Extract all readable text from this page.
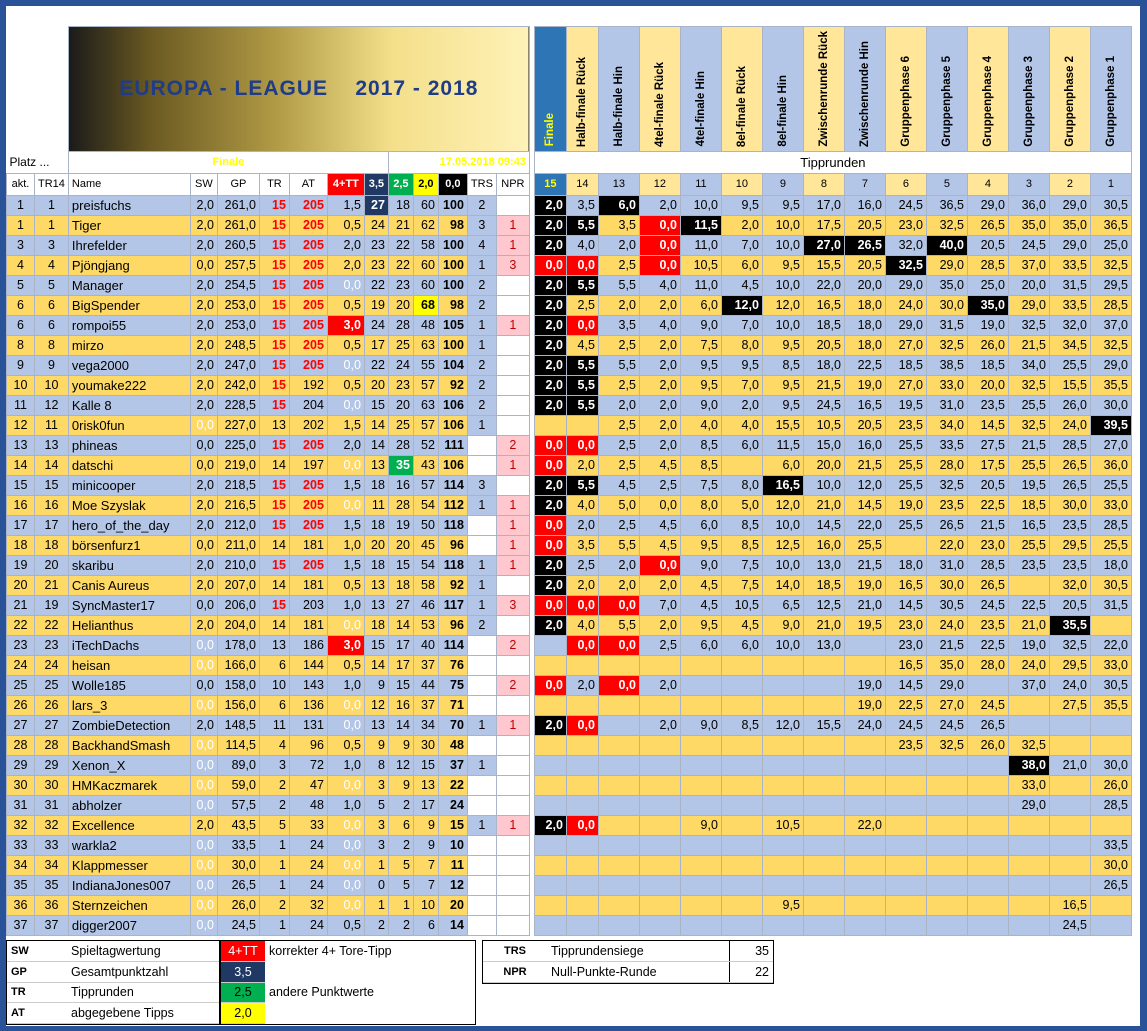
		EUROPA - LEAGUE    2017 - 2018													Finale	Halb-finale Rück	Halb-finale Hin	4tel-finale Rück	4tel-finale Hin	8el-finale Rück	8el-finale Hin	Zwischenrunde Rück	Zwischenrunde Hin	Gruppenphase 6	Gruppenphase 5	Gruppenphase 4	Gruppenphase 3	Gruppenphase 2	Gruppenphase 1

Platz ...		Finale							17.05.2018 09:43						Tipprunden														
akt.	TR14	Name	SW	GP	TR	AT	4+TT	3,5	2,5	2,0	0,0	TRS	NPR		15	14	13	12	11	10	9	8	7	6	5	4	3	2	1
1	1	preisfuchs	2,0	261,0	15	205	1,5	27	18	60	100	2			2,0	3,5	6,0	2,0	10,0	9,5	9,5	17,0	16,0	24,5	36,5	29,0	36,0	29,0	30,5
1	1	Tiger	2,0	261,0	15	205	0,5	24	21	62	98	3	1		2,0	5,5	3,5	0,0	11,5	2,0	10,0	17,5	20,5	23,0	32,5	26,5	35,0	35,0	36,5
3	3	Ihrefelder	2,0	260,5	15	205	2,0	23	22	58	100	4	1		2,0	4,0	2,0	0,0	11,0	7,0	10,0	27,0	26,5	32,0	40,0	20,5	24,5	29,0	25,0
4	4	Pjöngjang	0,0	257,5	15	205	2,0	23	22	60	100	1	3		0,0	0,0	2,5	0,0	10,5	6,0	9,5	15,5	20,5	32,5	29,0	28,5	37,0	33,5	32,5
5	5	Manager	2,0	254,5	15	205	0,0	22	23	60	100	2			2,0	5,5	5,5	4,0	11,0	4,5	10,0	22,0	20,0	29,0	35,0	25,0	20,0	31,5	29,5
6	6	BigSpender	2,0	253,0	15	205	0,5	19	20	68	98	2			2,0	2,5	2,0	2,0	6,0	12,0	12,0	16,5	18,0	24,0	30,0	35,0	29,0	33,5	28,5
6	6	rompoi55	2,0	253,0	15	205	3,0	24	28	48	105	1	1		2,0	0,0	3,5	4,0	9,0	7,0	10,0	18,5	18,0	29,0	31,5	19,0	32,5	32,0	37,0
8	8	mirzo	2,0	248,5	15	205	0,5	17	25	63	100	1			2,0	4,5	2,5	2,0	7,5	8,0	9,5	20,5	18,0	27,0	32,5	26,0	21,5	34,5	32,5
9	9	vega2000	2,0	247,0	15	205	0,0	22	24	55	104	2			2,0	5,5	5,5	2,0	9,5	9,5	8,5	18,0	22,5	18,5	38,5	18,5	34,0	25,5	29,0
10	10	youmake222	2,0	242,0	15	192	0,5	20	23	57	92	2			2,0	5,5	2,5	2,0	9,5	7,0	9,5	21,5	19,0	27,0	33,0	20,0	32,5	15,5	35,5
11	12	Kalle 8	2,0	228,5	15	204	0,0	15	20	63	106	2			2,0	5,5	2,0	2,0	9,0	2,0	9,5	24,5	16,5	19,5	31,0	23,5	25,5	26,0	30,0
12	11	0risk0fun	0,0	227,0	13	202	1,5	14	25	57	106	1					2,5	2,0	4,0	4,0	15,5	10,5	20,5	23,5	34,0	14,5	32,5	24,0	39,5
13	13	phineas	0,0	225,0	15	205	2,0	14	28	52	111		2		0,0	0,0	2,5	2,0	8,5	6,0	11,5	15,0	16,0	25,5	33,5	27,5	21,5	28,5	27,0
14	14	datschi	0,0	219,0	14	197	0,0	13	35	43	106		1		0,0	2,0	2,5	4,5	8,5		6,0	20,0	21,5	25,5	28,0	17,5	25,5	26,5	36,0
15	15	minicooper	2,0	218,5	15	205	1,5	18	16	57	114	3			2,0	5,5	4,5	2,5	7,5	8,0	16,5	10,0	12,0	25,5	32,5	20,5	19,5	26,5	25,5
16	16	Moe Szyslak	2,0	216,5	15	205	0,0	11	28	54	112	1	1		2,0	4,0	5,0	0,0	8,0	5,0	12,0	21,0	14,5	19,0	23,5	22,5	18,5	30,0	33,0
17	17	hero_of_the_day	2,0	212,0	15	205	1,5	18	19	50	118		1		0,0	2,0	2,5	4,5	6,0	8,5	10,0	14,5	22,0	25,5	26,5	21,5	16,5	23,5	28,5
18	18	börsenfurz1	0,0	211,0	14	181	1,0	20	20	45	96		1		0,0	3,5	5,5	4,5	9,5	8,5	12,5	16,0	25,5		22,0	23,0	25,5	29,5	25,5
19	20	skaribu	2,0	210,0	15	205	1,5	18	15	54	118	1	1		2,0	2,5	2,0	0,0	9,0	7,5	10,0	13,0	21,5	18,0	31,0	28,5	23,5	23,5	18,0
20	21	Canis Aureus	2,0	207,0	14	181	0,5	13	18	58	92	1			2,0	2,0	2,0	2,0	4,5	7,5	14,0	18,5	19,0	16,5	30,0	26,5		32,0	30,5
21	19	SyncMaster17	0,0	206,0	15	203	1,0	13	27	46	117	1	3		0,0	0,0	0,0	7,0	4,5	10,5	6,5	12,5	21,0	14,5	30,5	24,5	22,5	20,5	31,5
22	22	Helianthus	2,0	204,0	14	181	0,0	18	14	53	96	2			2,0	4,0	5,5	2,0	9,5	4,5	9,0	21,0	19,5	23,0	24,0	23,5	21,0	35,5	
23	23	iTechDachs	0,0	178,0	13	186	3,0	15	17	40	114		2			0,0	0,0	2,5	6,0	6,0	10,0	13,0		23,0	21,5	22,5	19,0	32,5	22,0
24	24	heisan	0,0	166,0	6	144	0,5	14	17	37	76													16,5	35,0	28,0	24,0	29,5	33,0
25	25	Wolle185	0,0	158,0	10	143	1,0	9	15	44	75		2		0,0	2,0	0,0	2,0					19,0	14,5	29,0		37,0	24,0	30,5
26	26	lars_3	0,0	156,0	6	136	0,0	12	16	37	71												19,0	22,5	27,0	24,5		27,5	35,5
27	27	ZombieDetection	2,0	148,5	11	131	0,0	13	14	34	70	1	1		2,0	0,0		2,0	9,0	8,5	12,0	15,5	24,0	24,5	24,5	26,5			
28	28	BackhandSmash	0,0	114,5	4	96	0,5	9	9	30	48													23,5	32,5	26,0	32,5		
29	29	Xenon_X	0,0	89,0	3	72	1,0	8	12	15	37	1															38,0	21,0	30,0
30	30	HMKaczmarek	0,0	59,0	2	47	0,0	3	9	13	22																33,0		26,0
31	31	abholzer	0,0	57,5	2	48	1,0	5	2	17	24																29,0		28,5
32	32	Excellence	2,0	43,5	5	33	0,0	3	6	9	15	1	1		2,0	0,0			9,0		10,5		22,0						
33	33	warkla2	0,0	33,5	1	24	0,0	3	2	9	10																		33,5
34	34	Klappmesser	0,0	30,0	1	24	0,0	1	5	7	11																		30,0
35	35	IndianaJones007	0,0	26,5	1	24	0,0	0	5	7	12																		26,5
36	36	Sternzeichen	0,0	26,0	2	32	0,0	1	1	10	20										9,5							16,5	
37	37	digger2007	0,0	24,5	1	24	0,5	2	2	6	14																	24,5	
SW	Spieltagwertung
GP	Gesamtpunktzahl
TR	Tipprunden
AT	abgegebene Tipps
4+TT	korrekter 4+ Tore-Tipp
3,5	
2,5	andere Punktwerte
2,0	
TRS	Tipprundensiege	35
NPR	Null-Punkte-Runde	22
